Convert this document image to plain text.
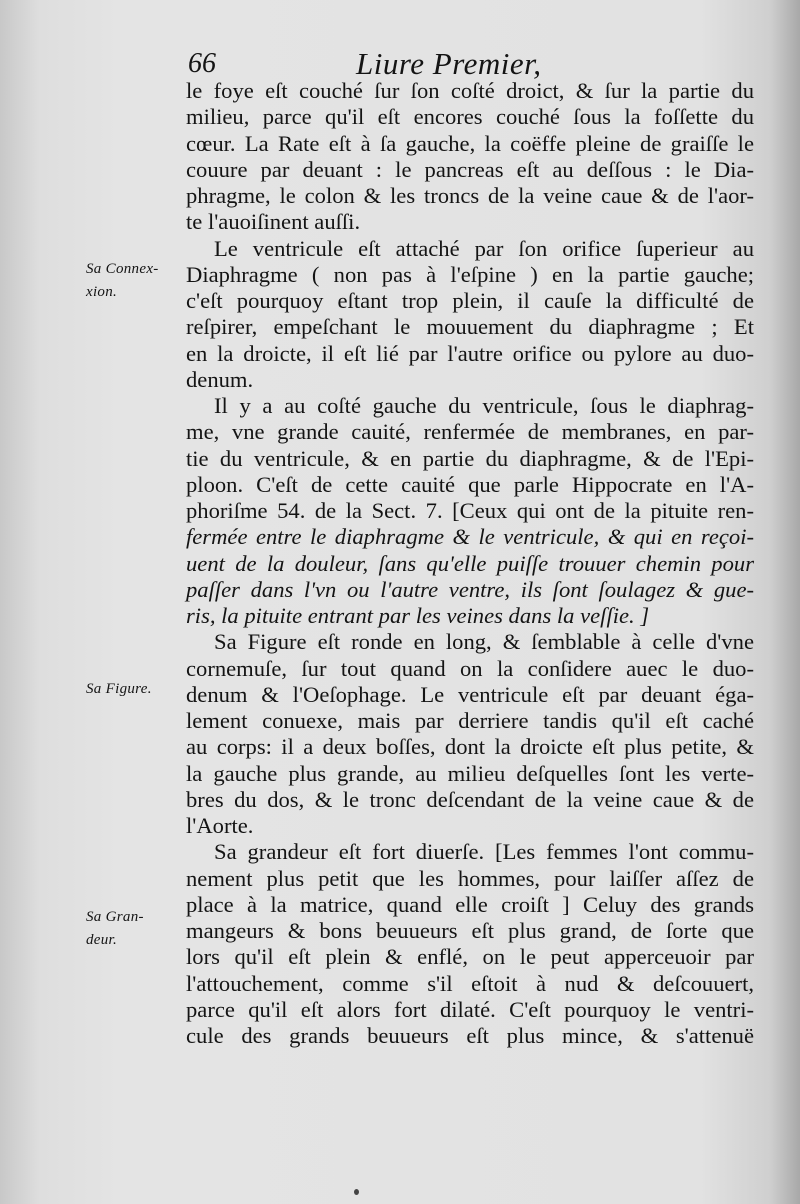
66	Liure Premier,
Sa Connex-
xion.
Sa Figure.
Sa Gran-
deur.
le foye eſt couché ſur ſon coſté droict, & ſur la partie du
milieu, parce qu'il eſt encores couché ſous la foſſette du
cœur. La Rate eſt à ſa gauche, la coëffe pleine de graiſſe le
couure par deuant : le pancreas eſt au deſſous : le Dia-
phragme, le colon & les troncs de la veine caue & de l'aor-
te l'auoiſinent auſſi.
Le ventricule eſt attaché par ſon orifice ſuperieur au
Diaphragme ( non pas à l'eſpine ) en la partie gauche;
c'eſt pourquoy eſtant trop plein, il cauſe la difficulté de
reſpirer, empeſchant le mouuement du diaphragme ; Et
en la droicte, il eſt lié par l'autre orifice ou pylore au duo-
denum.
Il y a au coſté gauche du ventricule, ſous le diaphrag-
me, vne grande cauité, renfermée de membranes, en par-
tie du ventricule, & en partie du diaphragme, & de l'Epi-
ploon. C'eſt de cette cauité que parle Hippocrate en l'A-
phoriſme 54. de la Sect. 7. [Ceux qui ont de la pituite ren-
fermée entre le diaphragme & le ventricule, & qui en reçoi-
uent de la douleur, ſans qu'elle puiſſe trouuer chemin pour
paſſer dans l'vn ou l'autre ventre, ils ſont ſoulagez & gue-
ris, la pituite entrant par les veines dans la veſſie. ]
Sa Figure eſt ronde en long, & ſemblable à celle d'vne
cornemuſe, ſur tout quand on la conſidere auec le duo-
denum & l'Oeſophage. Le ventricule eſt par deuant éga-
lement conuexe, mais par derriere tandis qu'il eſt caché
au corps: il a deux boſſes, dont la droicte eſt plus petite, &
la gauche plus grande, au milieu deſquelles ſont les verte-
bres du dos, & le tronc deſcendant de la veine caue & de
l'Aorte.
Sa grandeur eſt fort diuerſe. [Les femmes l'ont commu-
nement plus petit que les hommes, pour laiſſer aſſez de
place à la matrice, quand elle croiſt ] Celuy des grands
mangeurs & bons beuueurs eſt plus grand, de ſorte que
lors qu'il eſt plein & enflé, on le peut apperceuoir par
l'attouchement, comme s'il eſtoit à nud & deſcouuert,
parce qu'il eſt alors fort dilaté. C'eſt pourquoy le ventri-
cule des grands beuueurs eſt plus mince, & s'attenuë
